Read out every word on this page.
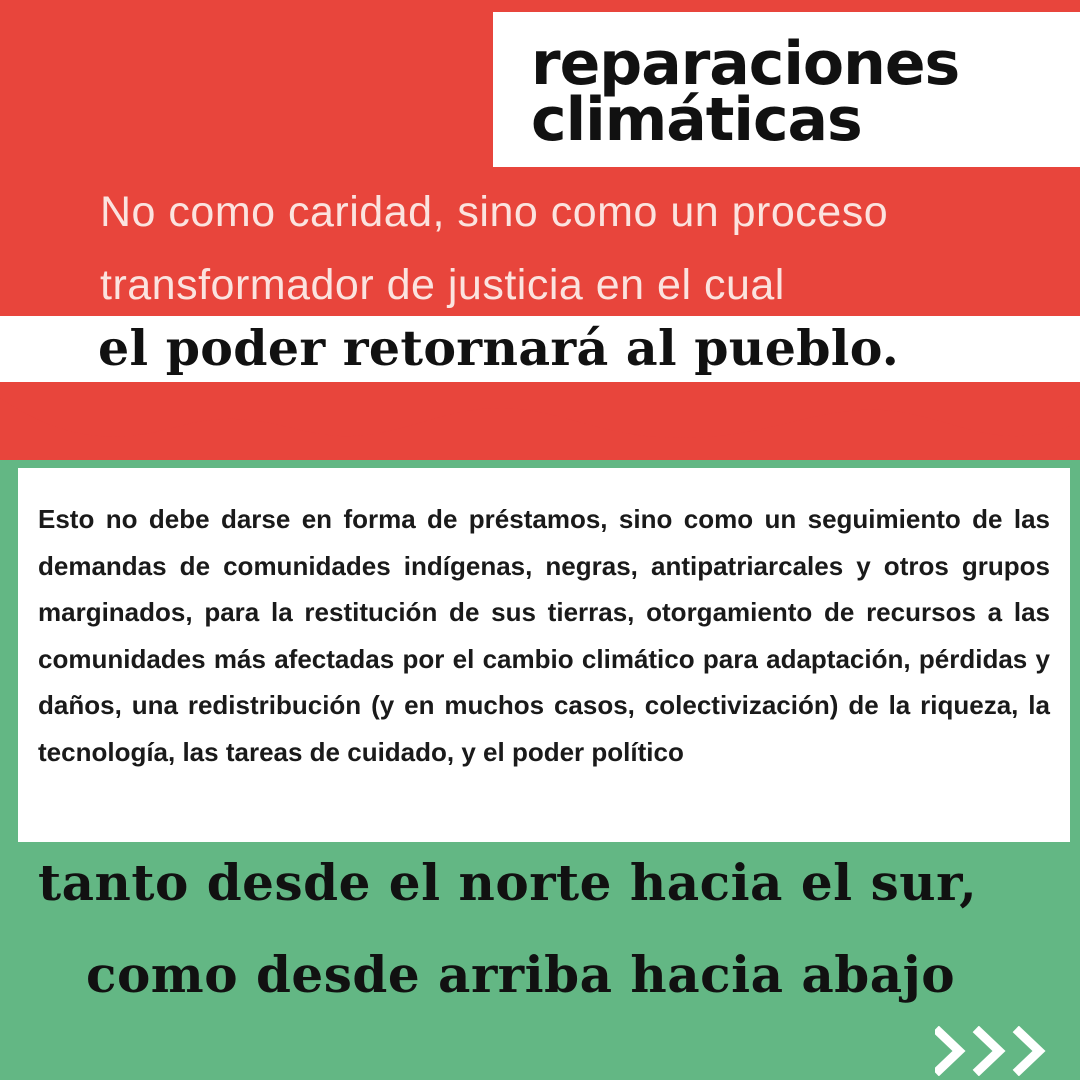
reparaciones
climáticas
No como caridad, sino como un proceso
transformador de justicia en el cual
el poder retornará al pueblo.

Esto no debe darse en forma de préstamos, sino como un seguimiento de las demandas de comunidades indígenas, negras, antipatriarcales y otros grupos marginados, para la restitución de sus tierras, otorgamiento de recursos a las comunidades más afectadas por el cambio climático para adaptación, pérdidas y daños, una redistribución (y en muchos casos, colectivización) de la riqueza, la tecnología, las tareas de cuidado, y el poder político

tanto desde el norte hacia el sur,
como desde arriba hacia abajo
